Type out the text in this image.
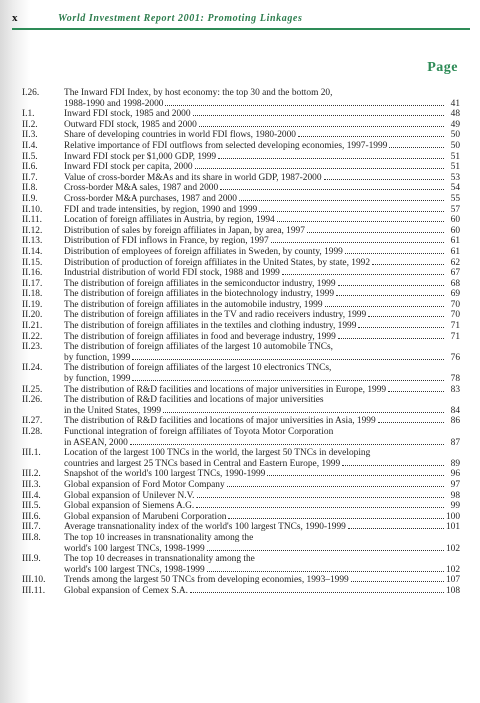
x	World Investment Report 2001: Promoting Linkages
Page
I.26.	The Inward FDI Index, by host economy: the top 30 and the bottom 20,
1988-1990 and 1998-2000	41
I.1.	Inward FDI stock, 1985 and 2000	48
II.2.	Outward FDI stock, 1985 and 2000	49
II.3.	Share of developing countries in world FDI flows, 1980-2000	50
II.4.	Relative importance of FDI outflows from selected developing economies, 1997-1999	50
II.5.	Inward FDI stock per $1,000 GDP, 1999	51
II.6.	Inward FDI stock per capita, 2000	51
II.7.	Value of cross-border M&As and its share in world GDP, 1987-2000	53
II.8.	Cross-border M&A sales, 1987 and 2000	54
II.9.	Cross-border M&A purchases, 1987 and 2000	55
II.10.	FDI and trade intensities, by region, 1990 and 1999	57
II.11.	Location of foreign affiliates in Austria, by region, 1994	60
II.12.	Distribution of sales by foreign affiliates in Japan, by area, 1997	60
II.13.	Distribution of FDI inflows in France, by region, 1997	61
II.14.	Distribution of employees of foreign affiliates in Sweden, by county, 1999	61
II.15.	Distribution of production of foreign affiliates in the United States, by state, 1992	62
II.16.	Industrial distribution of world FDI stock, 1988 and 1999	67
II.17.	The distribution of foreign affiliates in the semiconductor industry, 1999	68
II.18.	The distribution of foreign affiliates in the biotechnology industry, 1999	69
II.19.	The distribution of foreign affiliates in the automobile industry, 1999	70
II.20.	The distribution of foreign affiliates in the TV and radio receivers industry, 1999	70
II.21.	The distribution of foreign affiliates in the textiles and clothing industry, 1999	71
II.22.	The distribution of foreign affiliates in food and beverage industry, 1999	71
II.23.	The distribution of foreign affiliates of the largest 10 automobile TNCs,
by function, 1999	76
II.24.	The distribution of foreign affiliates of the largest 10 electronics TNCs,
by function, 1999	78
II.25.	The distribution of R&D facilities and locations of major universities in Europe, 1999	83
II.26.	The distribution of R&D facilities and locations of major universities
in the United States, 1999	84
II.27.	The distribution of R&D facilities and locations of major universities in Asia, 1999	86
II.28.	Functional integration of foreign affiliates of Toyota Motor Corporation
in ASEAN, 2000	87
III.1.	Location of the largest 100 TNCs in the world, the largest 50 TNCs in developing
countries and largest 25 TNCs based in Central and Eastern Europe, 1999	89
III.2.	Snapshot of the world's 100 largest TNCs, 1990-1999	96
III.3.	Global expansion of Ford Motor Company	97
III.4.	Global expansion of Unilever N.V.	98
III.5.	Global expansion of Siemens A.G.	99
III.6.	Global expansion of Marubeni Corporation	100
III.7.	Average transnationality index of the world's 100 largest TNCs, 1990-1999	101
III.8.	The top 10 increases in transnationality among the
world's 100 largest TNCs, 1998-1999	102
III.9.	The top 10 decreases in transnationality among the
world's 100 largest TNCs, 1998-1999	102
III.10.	Trends among the largest 50 TNCs from developing economies, 1993–1999	107
III.11.	Global expansion of Cemex S.A.	108
